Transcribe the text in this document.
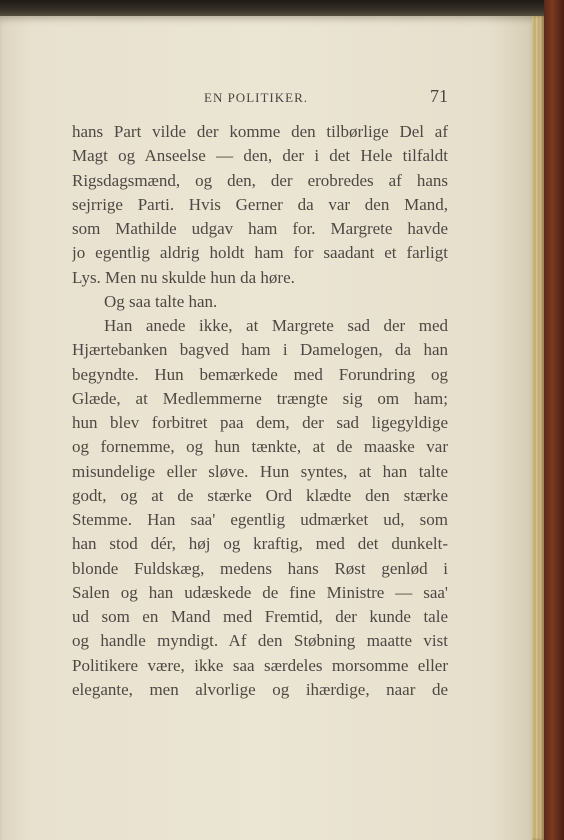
EN POLITIKER.	71
hans Part vilde der komme den tilbørlige Del af
Magt og Anseelse — den, der i det Hele tilfaldt
Rigsdagsmænd, og den, der erobredes af hans
sejrrige Parti. Hvis Gerner da var den Mand,
som Mathilde udgav ham for. Margrete havde
jo egentlig aldrig holdt ham for saadant et farligt
Lys. Men nu skulde hun da høre.
Og saa talte han.
Han anede ikke, at Margrete sad der med
Hjærtebanken bagved ham i Damelogen, da han
begyndte. Hun bemærkede med Forundring og
Glæde, at Medlemmerne trængte sig om ham;
hun blev forbitret paa dem, der sad ligegyldige
og fornemme, og hun tænkte, at de maaske var
misundelige eller sløve. Hun syntes, at han talte
godt, og at de stærke Ord klædte den stærke
Stemme. Han saa' egentlig udmærket ud, som
han stod dér, høj og kraftig, med det dunkelt-
blonde Fuldskæg, medens hans Røst genlød i
Salen og han udæskede de fine Ministre — saa'
ud som en Mand med Fremtid, der kunde tale
og handle myndigt. Af den Støbning maatte vist
Politikere være, ikke saa særdeles morsomme eller
elegante, men alvorlige og ihærdige, naar de
